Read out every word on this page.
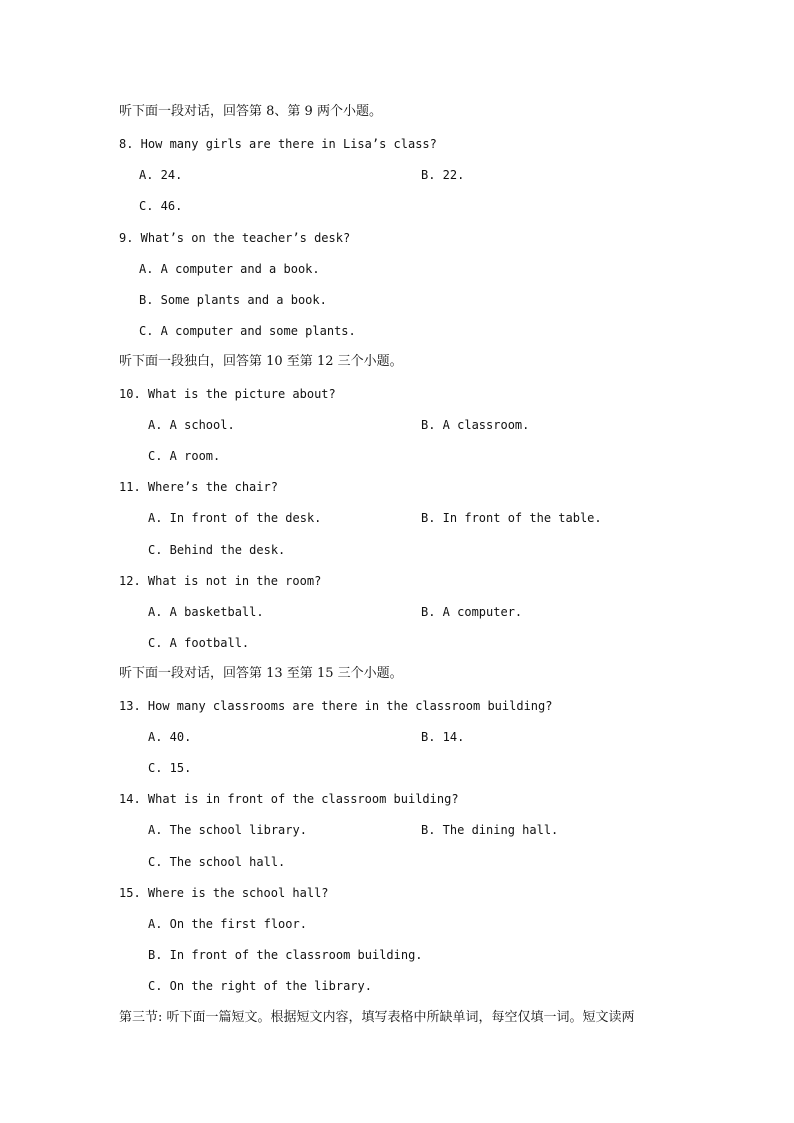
听下面一段对话，回答第 8、第 9 两个小题。
8. How many girls are there in Lisa’s class?
A. 24.	B. 22.
C. 46.
9. What’s on the teacher’s desk?
A. A computer and a book.
B. Some plants and a book.
C. A computer and some plants.
听下面一段独白，回答第 10 至第 12 三个小题。
10. What is the picture about?
A. A school.	B. A classroom.
C. A room.
11. Where’s the chair?
A. In front of the desk.	B. In front of the table.
C. Behind the desk.
12. What is not in the room?
A. A basketball.	B. A computer.
C. A football.
听下面一段对话，回答第 13 至第 15 三个小题。
13. How many classrooms are there in the classroom building?
A. 40.	B. 14.
C. 15.
14. What is in front of the classroom building?
A. The school library.	B. The dining hall.
C. The school hall.
15. Where is the school hall?
A. On the first floor.
B. In front of the classroom building.
C. On the right of the library.
第三节: 听下面一篇短文。根据短文内容，填写表格中所缺单词，每空仅填一词。短文读两
